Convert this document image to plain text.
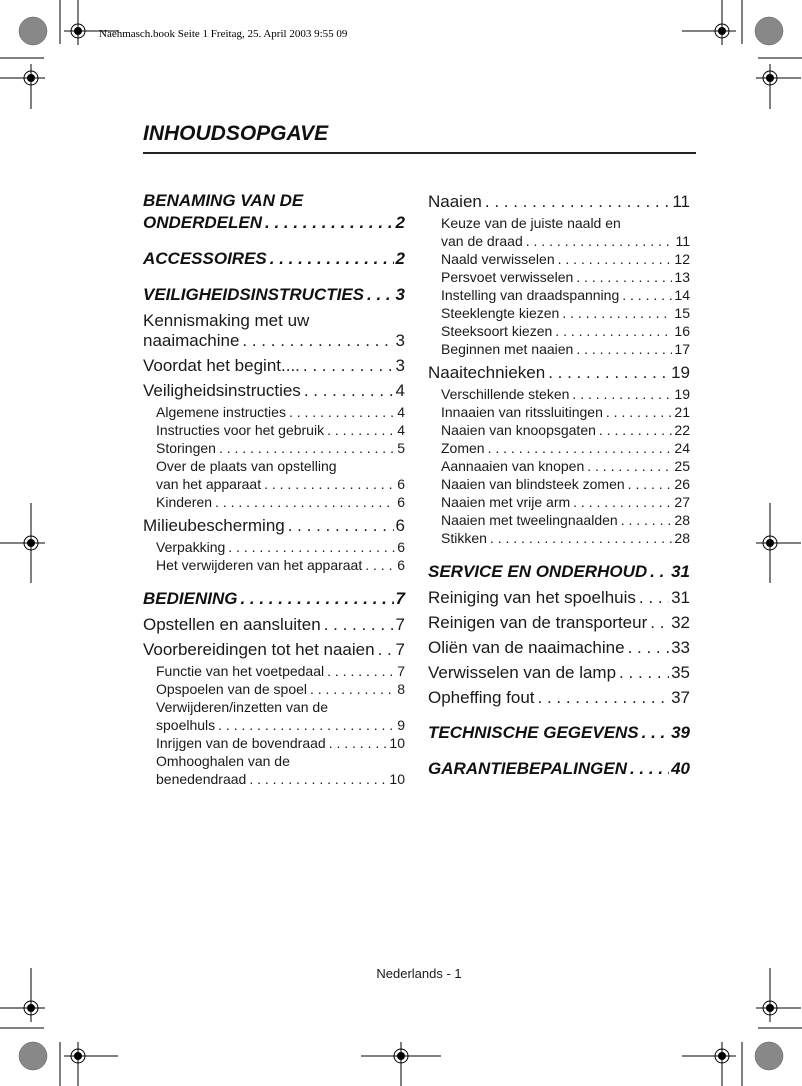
Naehmasch.book Seite 1 Freitag, 25. April 2003 9:55 09
INHOUDSOPGAVE
BENAMING VAN DE
ONDERDELEN . . .	2
ACCESSOIRES . . .	2
VEILIGHEIDSINSTRUCTIES . . . 3
Kennismaking met uw
naaimachine . . .	3
Voordat het begint.... . . .	3
Veiligheidsinstructies . . .	4
Algemene instructies . . .	4
Instructies voor het gebruik . . .	4
Storingen . . .	5
Over de plaats van opstelling
van het apparaat . . .	6
Kinderen . . .	6
Milieubescherming . . .	6
Verpakking . . .	6
Het verwijderen van het apparaat . . . 6
BEDIENING . . .	7
Opstellen en aansluiten . . .	7
Voorbereidingen tot het naaien . . . 7
Functie van het voetpedaal . . .	7
Opspoelen van de spoel . . .	8
Verwijderen/inzetten van de
spoelhuls . . .	9
Inrijgen van de bovendraad . . .	10
Omhooghalen van de
benedendraad . . .	10
Naaien . . .	11
Keuze van de juiste naald en
van de draad . . .	11
Naald verwisselen . . .	12
Persvoet verwisselen . . .	13
Instelling van draadspanning . . .	14
Steeklengte kiezen . . .	15
Steeksoort kiezen . . .	16
Beginnen met naaien . . .	17
Naaitechnieken . . .	19
Verschillende steken . . .	19
Innaaien van ritssluitingen . . .	21
Naaien van knoopsgaten . . .	22
Zomen . . .	24
Aannaaien van knopen . . .	25
Naaien van blindsteek zomen . . .	26
Naaien met vrije arm . . .	27
Naaien met tweelingnaalden . . .	28
Stikken . . .	28
SERVICE EN ONDERHOUD . . . 31
Reiniging van het spoelhuis . . . 31
Reinigen van de transporteur . . . 32
Oliën van de naaimachine . . .	33
Verwisselen van de lamp . . .	35
Opheffing fout . . .	37
TECHNISCHE GEGEVENS . . . 39
GARANTIEBEPALINGEN . . .	40
Nederlands - 1
